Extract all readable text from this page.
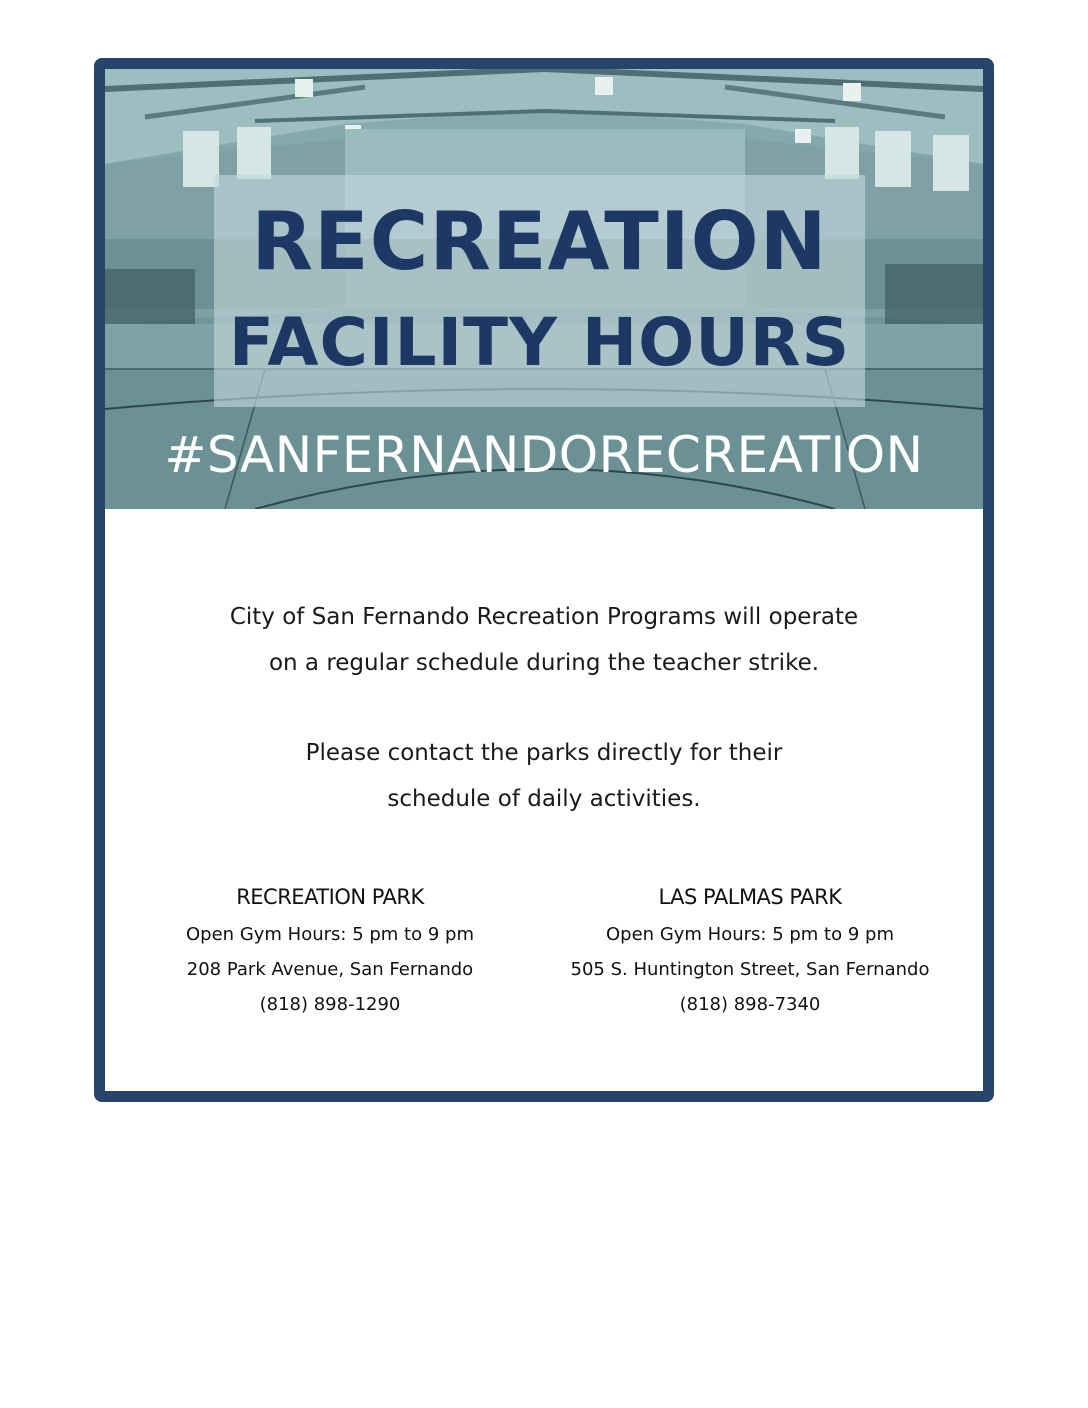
RECREATION
FACILITY HOURS
#SANFERNANDORECREATION

City of San Fernando Recreation Programs will operate
on a regular schedule during the teacher strike.

Please contact the parks directly for their
schedule of daily activities.

RECREATION PARK
Open Gym Hours: 5 pm to 9 pm
208 Park Avenue, San Fernando
(818) 898-1290
LAS PALMAS PARK
Open Gym Hours: 5 pm to 9 pm
505 S. Huntington Street, San Fernando
(818) 898-7340
